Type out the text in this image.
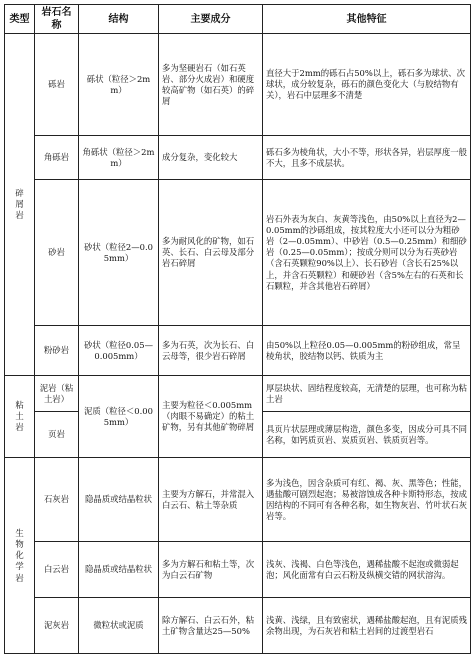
类型	岩石名称	结构	主要成分	其他特征

碎屑岩	砾岩	砾状（粒径＞2mm）	多为坚硬岩石（如石英岩、部分火成岩）和硬度较高矿物（如石英）的碎屑	直径大于2mm的砾石占50%以上，砾石多为球状、次球状，成分较复杂，砾石的颜色变化大（与胶结物有关），岩石中层理多不清楚
	角砾岩	角砾状（粒径＞2mm）	成分复杂，变化较大	砾石多为棱角状，大小不等，形状各异，岩层厚度一般不大，且多不成层状。
	砂岩	砂状（粒径2—0.05mm）	多为耐风化的矿物，如石英、长石、白云母及部分岩石碎屑	岩石外表为灰白、灰黄等浅色，由50%以上直径为2—0.05mm的沙砾组成，按其粒度大小还可以分为粗砂岩（2—0.05mm）、中砂岩（0.5—0.25mm）和细砂岩（0.25—0.05mm）；按成分则可以分为石英砂岩（含石英颗粒90%以上）、长石砂岩（含长石25%以上，并含石英颗粒）和硬砂岩（含5%左右的石英和长石颗粒，并含其他岩石碎屑）
	粉砂岩	砂状（粒径0.05—0.005mm）	多为石英，次为长石、白云母等，很少岩石碎屑	由50%以上粒径0.05—0.005mm的粉砂组成，常呈棱角状，胶结物以钙、铁质为主

粘土岩	泥岩（粘土岩）	泥质（粒径＜0.005mm）	主要为粒径＜0.005mm（肉眼不易确定）的粘土矿物，另有其他矿物碎屑	厚层块状、固结程度较高，无清楚的层理，也可称为粘土岩
	页岩			具页片状层理或薄层构造，颜色多变，因成分可具不同名称，如钙质页岩、炭质页岩、铁质页岩等。

生物化学岩	石灰岩	隐晶质或结晶粒状	主要为方解石，并常混入白云石、粘土等杂质	多为浅色，因含杂质可有红、褐、灰、黑等色；性能，遇盐酸可剧烈起泡；易被溶蚀成各种卡斯特形态，按成因结构的不同可有各种名称，如生物灰岩、竹叶状石灰岩等。
	白云岩	隐晶质或结晶粒状	多为方解石和粘土等，次为白云石矿物	浅灰、浅褐、白色等浅色，遇稀盐酸不起泡或微弱起泡；风化面常有白云石粉及纵横交错的网状溶沟。
	泥灰岩	微粒状或泥质	除方解石、白云石外，粘土矿物含量达25—50%	浅黄、浅绿，且有致密状，遇稀盐酸起泡，且有泥质残余物出现，为石灰岩和粘土岩间的过渡型岩石
